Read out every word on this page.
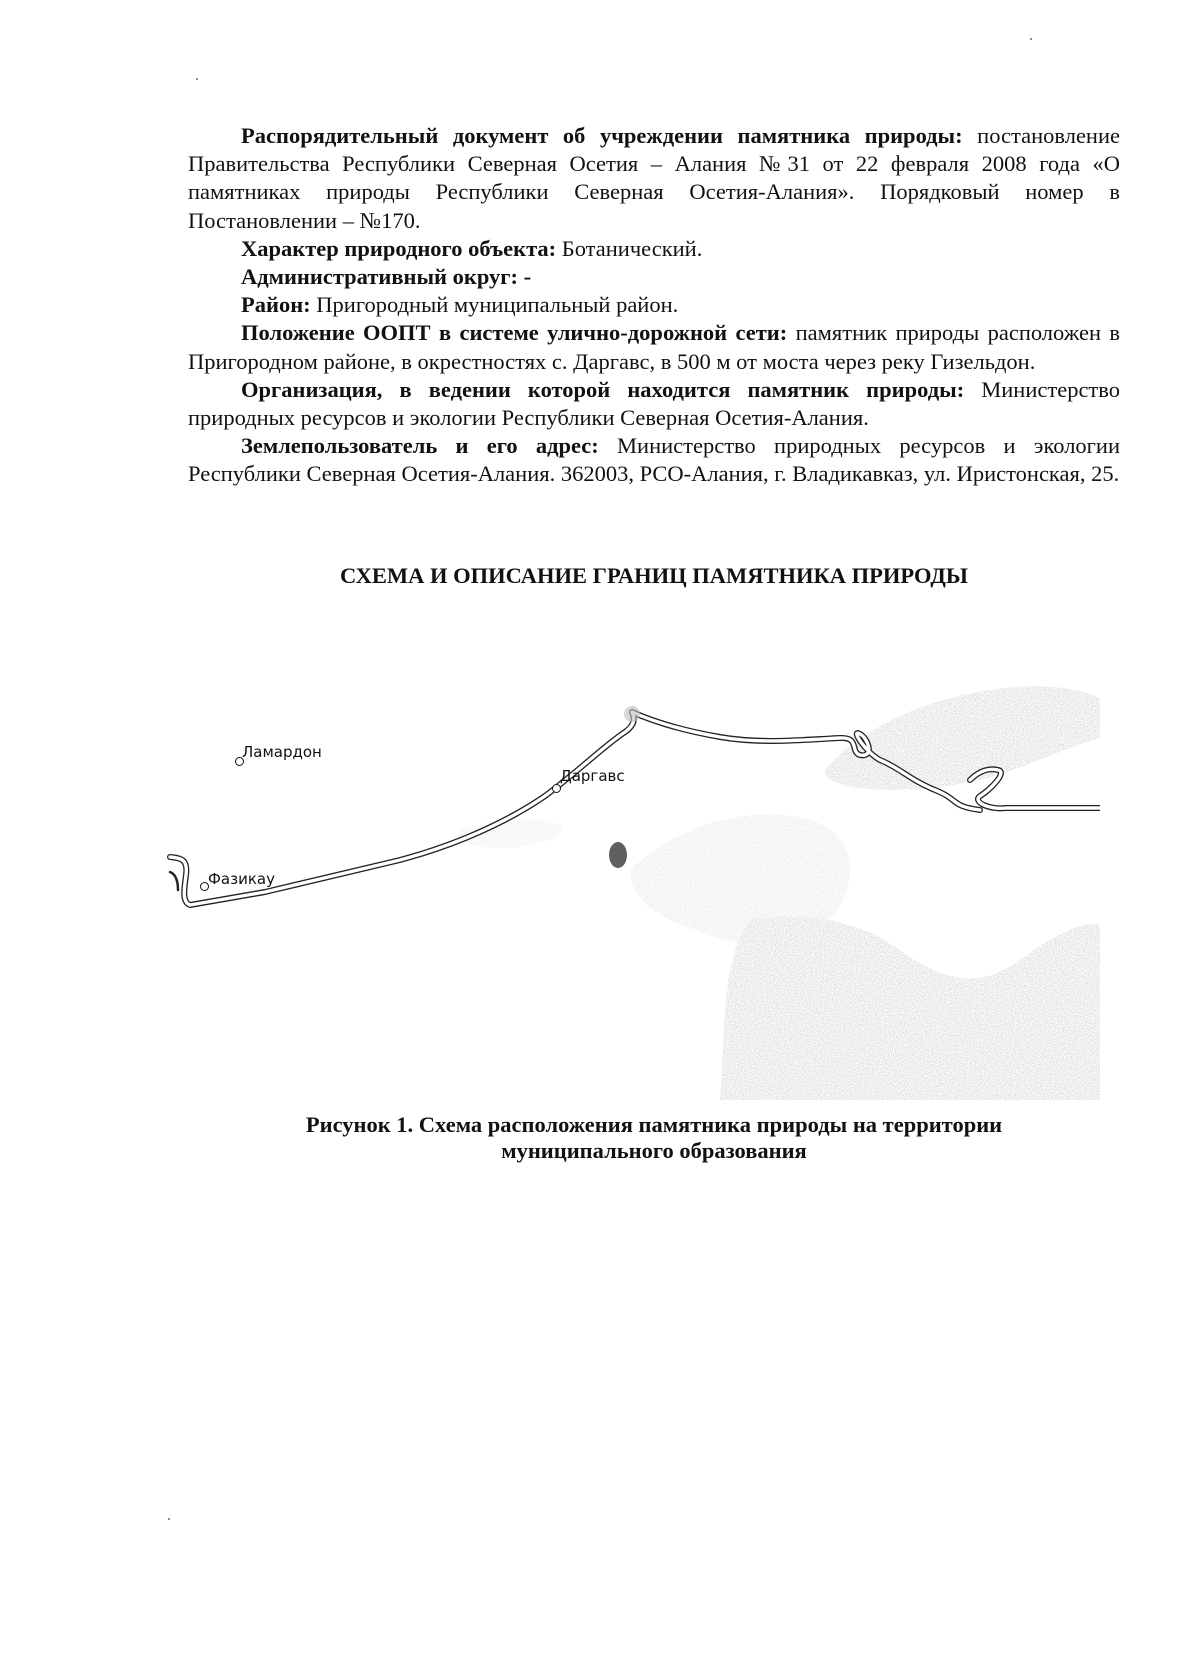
Распорядительный документ об учреждении памятника природы: постановление Правительства Республики Северная Осетия – Алания №31 от 22 февраля 2008 года «О памятниках природы Республики Северная Осетия-Алания». Порядковый номер в Постановлении – №170.

Характер природного объекта: Ботанический.

Административный округ: -

Район: Пригородный муниципальный район.

Положение ООПТ в системе улично-дорожной сети: памятник природы расположен в Пригородном районе, в окрестностях с. Даргавс, в 500 м от моста через реку Гизельдон.

Организация, в ведении которой находится памятник природы: Министерство природных ресурсов и экологии Республики Северная Осетия-Алания.

Землепользователь и его адрес: Министерство природных ресурсов и экологии Республики Северная Осетия-Алания. 362003, РСО-Алания, г. Владикавказ, ул. Иристонская, 25.

СХЕМА И ОПИСАНИЕ ГРАНИЦ ПАМЯТНИКА ПРИРОДЫ
Ламардон
Даргавс
Фазикау

Рисунок 1. Схема расположения памятника природы на территории
муниципального образования
